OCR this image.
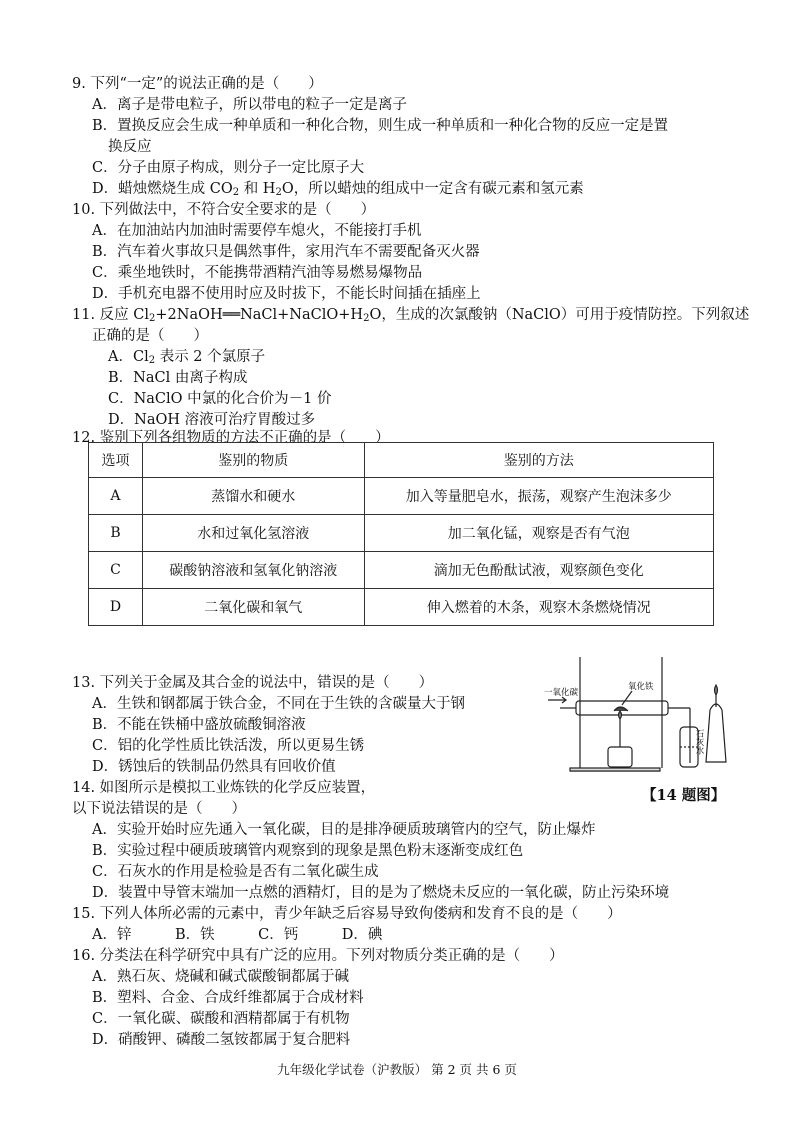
9. 下列“一定”的说法正确的是（　　）
A．离子是带电粒子，所以带电的粒子一定是离子
B．置换反应会生成一种单质和一种化合物，则生成一种单质和一种化合物的反应一定是置
换反应
C．分子由原子构成，则分子一定比原子大
D．蜡烛燃烧生成 $CO_2$ 和 $H_2O$，所以蜡烛的组成中一定含有碳元素和氢元素
10. 下列做法中，不符合安全要求的是（　　）
A．在加油站内加油时需要停车熄火，不能接打手机
B．汽车着火事故只是偶然事件，家用汽车不需要配备灭火器
C．乘坐地铁时，不能携带酒精汽油等易燃易爆物品
D．手机充电器不使用时应及时拔下，不能长时间插在插座上
11. 反应 $Cl_2+2NaOH══NaCl+NaClO+H_2O$，生成的次氯酸钠（NaClO）可用于疫情防控。下列叙述
正确的是（　　）
A．$Cl_2$ 表示 2 个氯原子
B．NaCl 由离子构成
C．NaClO 中氯的化合价为－1 价
D．NaOH 溶液可治疗胃酸过多
12. 鉴别下列各组物质的方法不正确的是（　　）
选项	鉴别的物质	鉴别的方法
A	蒸馏水和硬水	加入等量肥皂水，振荡，观察产生泡沫多少
B	水和过氧化氢溶液	加二氧化锰，观察是否有气泡
C	碳酸钠溶液和氢氧化钠溶液	滴加无色酚酞试液，观察颜色变化
D	二氧化碳和氧气	伸入燃着的木条，观察木条燃烧情况
13. 下列关于金属及其合金的说法中，错误的是（　　）
A．生铁和钢都属于铁合金，不同在于生铁的含碳量大于钢
B．不能在铁桶中盛放硫酸铜溶液
C．铝的化学性质比铁活泼，所以更易生锈
D．锈蚀后的铁制品仍然具有回收价值
一氧化碳
氧化铁
石灰水
14. 如图所示是模拟工业炼铁的化学反应装置，	【14 题图】
以下说法错误的是（　　）
A．实验开始时应先通入一氧化碳，目的是排净硬质玻璃管内的空气，防止爆炸
B．实验过程中硬质玻璃管内观察到的现象是黑色粉末逐渐变成红色
C．石灰水的作用是检验是否有二氧化碳生成
D．装置中导管末端加一点燃的酒精灯，目的是为了燃烧未反应的一氧化碳，防止污染环境
15. 下列人体所必需的元素中，青少年缺乏后容易导致佝偻病和发育不良的是（　　）
A．锌　　　B．铁　　　C．钙　　　D．碘
16. 分类法在科学研究中具有广泛的应用。下列对物质分类正确的是（　　）
A．熟石灰、烧碱和碱式碳酸铜都属于碱
B．塑料、合金、合成纤维都属于合成材料
C．一氧化碳、碳酸和酒精都属于有机物
D．硝酸钾、磷酸二氢铵都属于复合肥料
九年级化学试卷（沪教版） 第 2 页 共 6 页
